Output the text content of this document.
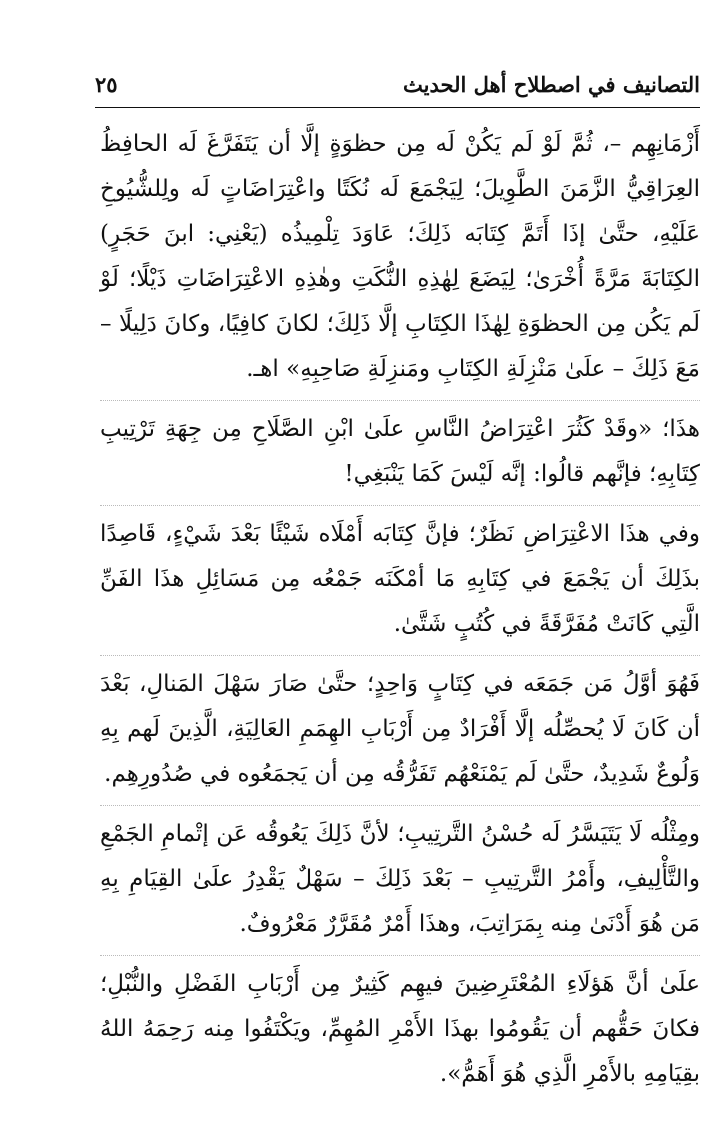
التصانيف في اصطلاح أهل الحديث
٢٥

أَزْمَانِهِم –، ثُمَّ لَوْ لَم يَكُنْ لَه مِن حظوَةٍ إلَّا أن يَتَفَرَّغَ لَه الحافِظُ العِرَاقِيُّ الزَّمَنَ الطَّوِيلَ؛ لِيَجْمَعَ لَه نُكَتًا واعْتِرَاضَاتٍ لَه ولِلشُّيُوخِ عَلَيْهِ، حتَّىٰ إذَا أَتَمَّ كِتَابَه ذَلِكَ؛ عَاوَدَ تِلْمِيذُه (يَعْنِي: ابنَ حَجَرٍ) الكِتَابَةَ مَرَّةً أُخْرَىٰ؛ لِيَضَعَ لِهٰذِهِ النُّكَتِ وهٰذِهِ الاعْتِرَاضَاتِ ذَيْلًا؛ لَوْ لَم يَكُن مِن الحظوَةِ لِهٰذَا الكِتَابِ إلَّا ذَلِكَ؛ لكانَ كافِيًا، وكانَ دَلِيلًا – مَعَ ذَلِكَ – علَىٰ مَنْزِلَةِ الكِتَابِ ومَنزِلَةِ صَاحِبِهِ» اهـ.

هذَا؛ «وقَدْ كَثُرَ اعْتِرَاضُ النَّاسِ علَىٰ ابْنِ الصَّلَاحِ مِن جِهَةِ تَرْتِيبِ كِتَابِهِ؛ فإنَّهم قالُوا: إنَّه لَيْسَ كَمَا يَنْبَغِي!

وفي هذَا الاعْتِرَاضِ نَظَرٌ؛ فإنَّ كِتَابَه أَمْلَاه شَيْئًا بَعْدَ شَيْءٍ، قَاصِدًا بذَلِكَ أن يَجْمَعَ في كِتَابِهِ مَا أمْكَنَه جَمْعُه مِن مَسَائِلِ هذَا الفَنِّ الَّتِي كَانَتْ مُفَرَّقَةً في كُتُبٍ شَتَّىٰ.

فَهُوَ أوَّلُ مَن جَمَعَه في كِتَابٍ وَاحِدٍ؛ حتَّىٰ صَارَ سَهْلَ المَنالِ، بَعْدَ أن كَانَ لَا يُحصِّلُه إلَّا أَفْرَادٌ مِن أَرْبَابِ الهِمَمِ العَالِيَةِ، الَّذِينَ لَهم بِهِ وَلُوعٌ شَدِيدٌ، حتَّىٰ لَم يَمْنَعْهُم تَفَرُّقُه مِن أن يَجمَعُوه في صُدُورِهِم.

ومِثْلُه لَا يَتَيَسَّرُ لَه حُسْنُ التَّرتِيبِ؛ لأنَّ ذَلِكَ يَعُوقُه عَن إتْمامِ الجَمْعِ والتَّأْلِيفِ، وأَمْرُ التَّرتِيبِ – بَعْدَ ذَلِكَ – سَهْلٌ يَقْدِرُ علَىٰ القِيَامِ بِهِ مَن هُوَ أَدْنَىٰ مِنه بِمَرَاتِبَ، وهذَا أَمْرٌ مُقَرَّرٌ مَعْرُوفٌ.

علَىٰ أنَّ هَؤلَاءِ المُعْتَرِضِينَ فيهِم كَثِيرٌ مِن أَرْبَابِ الفَضْلِ والنُّبْلِ؛ فكانَ حَقُّهم أن يَقُومُوا بهذَا الأَمْرِ المُهِمِّ، ويَكْتَفُوا مِنه رَحِمَهُ اللهُ بقِيَامِهِ بالأَمْرِ الَّذِي هُوَ أَهَمُّ».
